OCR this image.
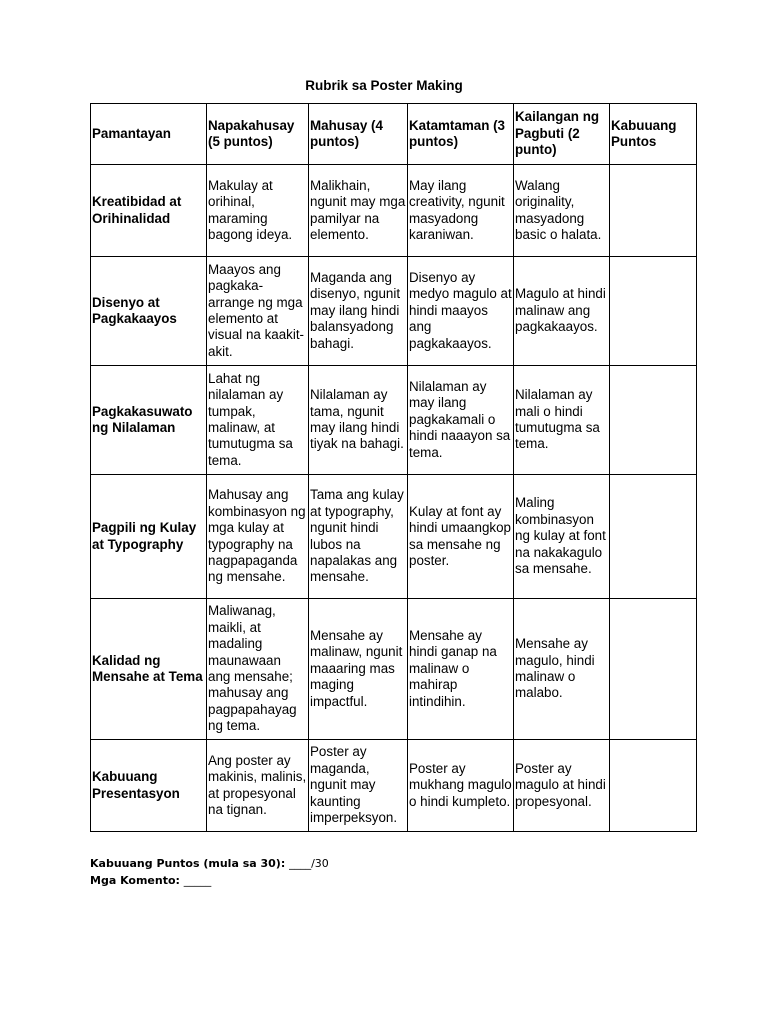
Rubrik sa Poster Making
Pamantayan	Napakahusay (5 puntos)	Mahusay (4 puntos)	Katamtaman (3 puntos)	Kailangan ng Pagbuti (2 punto)	Kabuuang Puntos
Kreatibidad at Orihinalidad	Makulay at orihinal, maraming bagong ideya.	Malikhain, ngunit may mga pamilyar na elemento.	May ilang creativity, ngunit masyadong karaniwan.	Walang originality, masyadong basic o halata.	
Disenyo at Pagkakaayos	Maayos ang pagkaka-arrange ng mga elemento at visual na kaakit-akit.	Maganda ang disenyo, ngunit may ilang hindi balansyadong bahagi.	Disenyo ay medyo magulo at hindi maayos ang pagkakaayos.	Magulo at hindi malinaw ang pagkakaayos.	
Pagkakasuwato ng Nilalaman	Lahat ng nilalaman ay tumpak, malinaw, at tumutugma sa tema.	Nilalaman ay tama, ngunit may ilang hindi tiyak na bahagi.	Nilalaman ay may ilang pagkakamali o hindi naaayon sa tema.	Nilalaman ay mali o hindi tumutugma sa tema.	
Pagpili ng Kulay at Typography	Mahusay ang kombinasyon ng mga kulay at typography na nagpapaganda ng mensahe.	Tama ang kulay at typography, ngunit hindi lubos na napalakas ang mensahe.	Kulay at font ay hindi umaangkop sa mensahe ng poster.	Maling kombinasyon ng kulay at font na nakakagulo sa mensahe.	
Kalidad ng Mensahe at Tema	Maliwanag, maikli, at madaling maunawaan ang mensahe; mahusay ang pagpapahayag ng tema.	Mensahe ay malinaw, ngunit maaaring mas maging impactful.	Mensahe ay hindi ganap na malinaw o mahirap intindihin.	Mensahe ay magulo, hindi malinaw o malabo.	
Kabuuang Presentasyon	Ang poster ay makinis, malinis, at propesyonal na tignan.	Poster ay maganda, ngunit may kaunting imperpeksyon.	Poster ay mukhang magulo o hindi kumpleto.	Poster ay magulo at hindi propesyonal.	
Kabuuang Puntos (mula sa 30): ____/30
Mga Komento: _____
